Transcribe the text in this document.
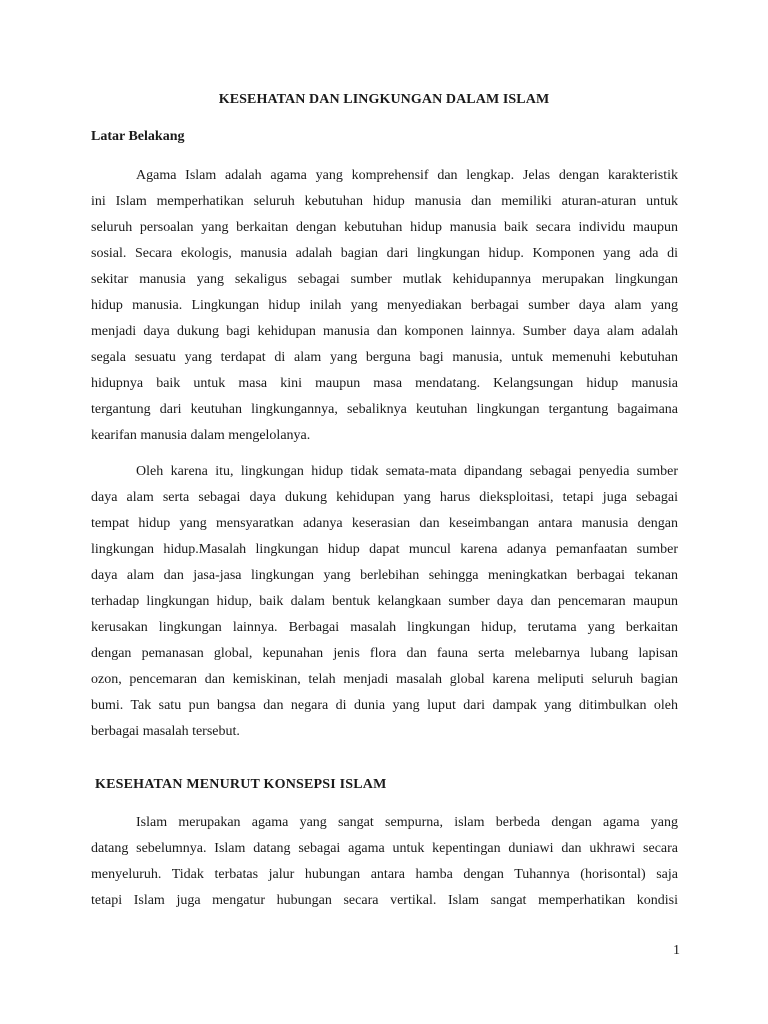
KESEHATAN DAN LINGKUNGAN DALAM ISLAM
Latar Belakang
Agama Islam adalah agama yang komprehensif dan lengkap. Jelas dengan karakteristik
ini Islam memperhatikan seluruh kebutuhan hidup manusia dan memiliki aturan-aturan untuk
seluruh persoalan yang berkaitan dengan kebutuhan hidup manusia baik secara individu maupun
sosial. Secara ekologis, manusia adalah bagian dari lingkungan hidup. Komponen yang ada di
sekitar manusia yang sekaligus sebagai sumber mutlak kehidupannya merupakan lingkungan
hidup manusia. Lingkungan hidup inilah yang menyediakan berbagai sumber daya alam yang
menjadi daya dukung bagi kehidupan manusia dan komponen lainnya. Sumber daya alam adalah
segala sesuatu yang terdapat di alam yang berguna bagi manusia, untuk memenuhi kebutuhan
hidupnya baik untuk masa kini maupun masa mendatang. Kelangsungan hidup manusia
tergantung dari keutuhan lingkungannya, sebaliknya keutuhan lingkungan tergantung bagaimana
kearifan manusia dalam mengelolanya.
Oleh karena itu, lingkungan hidup tidak semata-mata dipandang sebagai penyedia sumber
daya alam serta sebagai daya dukung kehidupan yang harus dieksploitasi, tetapi juga sebagai
tempat hidup yang mensyaratkan adanya keserasian dan keseimbangan antara manusia dengan
lingkungan hidup.Masalah lingkungan hidup dapat muncul karena adanya pemanfaatan sumber
daya alam dan jasa-jasa lingkungan yang berlebihan sehingga meningkatkan berbagai tekanan
terhadap lingkungan hidup, baik dalam bentuk kelangkaan sumber daya dan pencemaran maupun
kerusakan lingkungan lainnya. Berbagai masalah lingkungan hidup, terutama yang berkaitan
dengan pemanasan global, kepunahan jenis flora dan fauna serta melebarnya lubang lapisan
ozon, pencemaran dan kemiskinan, telah menjadi masalah global karena meliputi seluruh bagian
bumi. Tak satu pun bangsa dan negara di dunia yang luput dari dampak yang ditimbulkan oleh
berbagai masalah tersebut.
KESEHATAN MENURUT KONSEPSI ISLAM
Islam merupakan agama yang sangat sempurna, islam berbeda dengan agama yang
datang sebelumnya. Islam datang sebagai agama untuk kepentingan duniawi dan ukhrawi secara
menyeluruh. Tidak terbatas jalur hubungan antara hamba dengan Tuhannya (horisontal) saja
tetapi Islam juga mengatur hubungan secara vertikal. Islam sangat memperhatikan kondisi
1
